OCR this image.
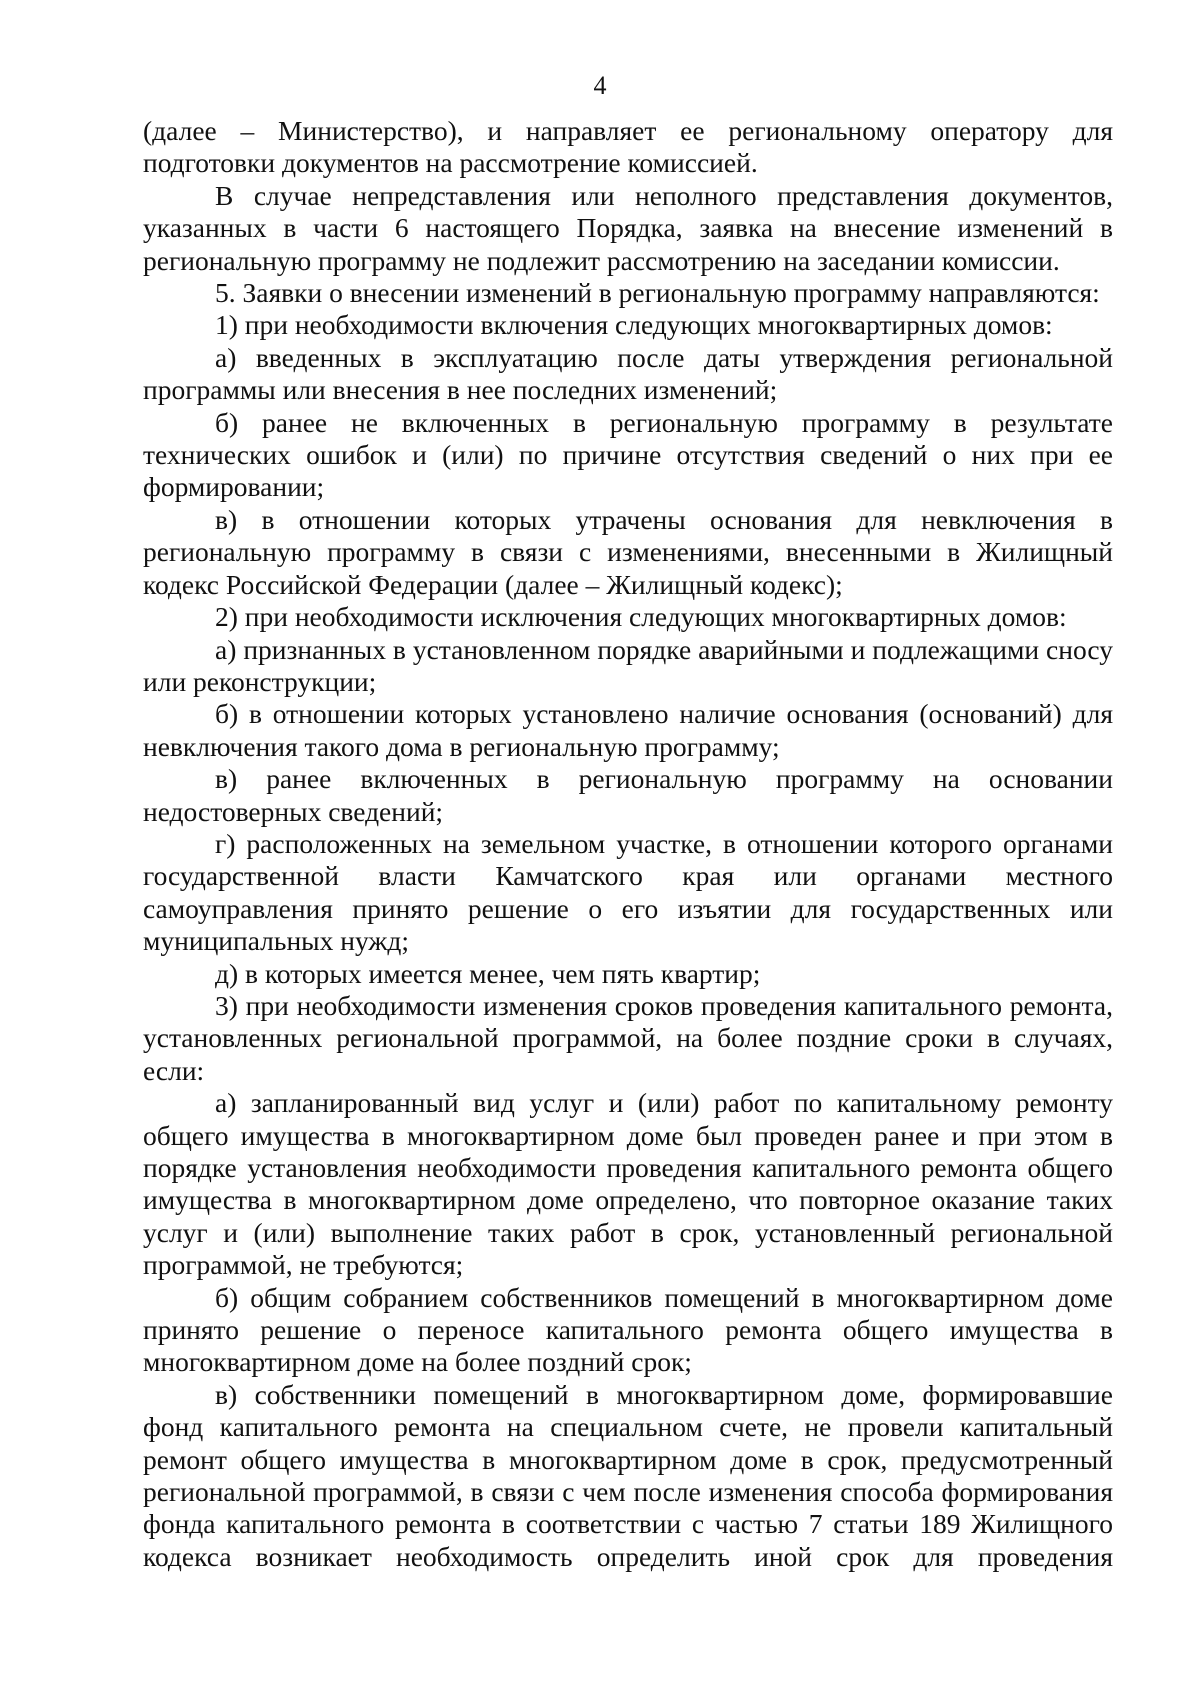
4

(далее – Министерство), и направляет ее региональному оператору для подготовки документов на рассмотрение комиссией.

В случае непредставления или неполного представления документов, указанных в части 6 настоящего Порядка, заявка на внесение изменений в региональную программу не подлежит рассмотрению на заседании комиссии.

5. Заявки о внесении изменений в региональную программу направляются:

1) при необходимости включения следующих многоквартирных домов:

а) введенных в эксплуатацию после даты утверждения региональной программы или внесения в нее последних изменений;

б) ранее не включенных в региональную программу в результате технических ошибок и (или) по причине отсутствия сведений о них при ее формировании;

в) в отношении которых утрачены основания для невключения в региональную программу в связи с изменениями, внесенными в Жилищный кодекс Российской Федерации (далее – Жилищный кодекс);

2) при необходимости исключения следующих многоквартирных домов:

а) признанных в установленном порядке аварийными и подлежащими сносу или реконструкции;

б) в отношении которых установлено наличие основания (оснований) для невключения такого дома в региональную программу;

в) ранее включенных в региональную программу на основании недостоверных сведений;

г) расположенных на земельном участке, в отношении которого органами государственной власти Камчатского края или органами местного самоуправления принято решение о его изъятии для государственных или муниципальных нужд;

д) в которых имеется менее, чем пять квартир;

3) при необходимости изменения сроков проведения капитального ремонта, установленных региональной программой, на более поздние сроки в случаях, если:

а) запланированный вид услуг и (или) работ по капитальному ремонту общего имущества в многоквартирном доме был проведен ранее и при этом в порядке установления необходимости проведения капитального ремонта общего имущества в многоквартирном доме определено, что повторное оказание таких услуг и (или) выполнение таких работ в срок, установленный региональной программой, не требуются;

б) общим собранием собственников помещений в многоквартирном доме принято решение о переносе капитального ремонта общего имущества в многоквартирном доме на более поздний срок;

в) собственники помещений в многоквартирном доме, формировавшие фонд капитального ремонта на специальном счете, не провели капитальный ремонт общего имущества в многоквартирном доме в срок, предусмотренный региональной программой, в связи с чем после изменения способа формирования фонда капитального ремонта в соответствии с частью 7 статьи 189 Жилищного кодекса возникает необходимость определить иной срок для проведения
